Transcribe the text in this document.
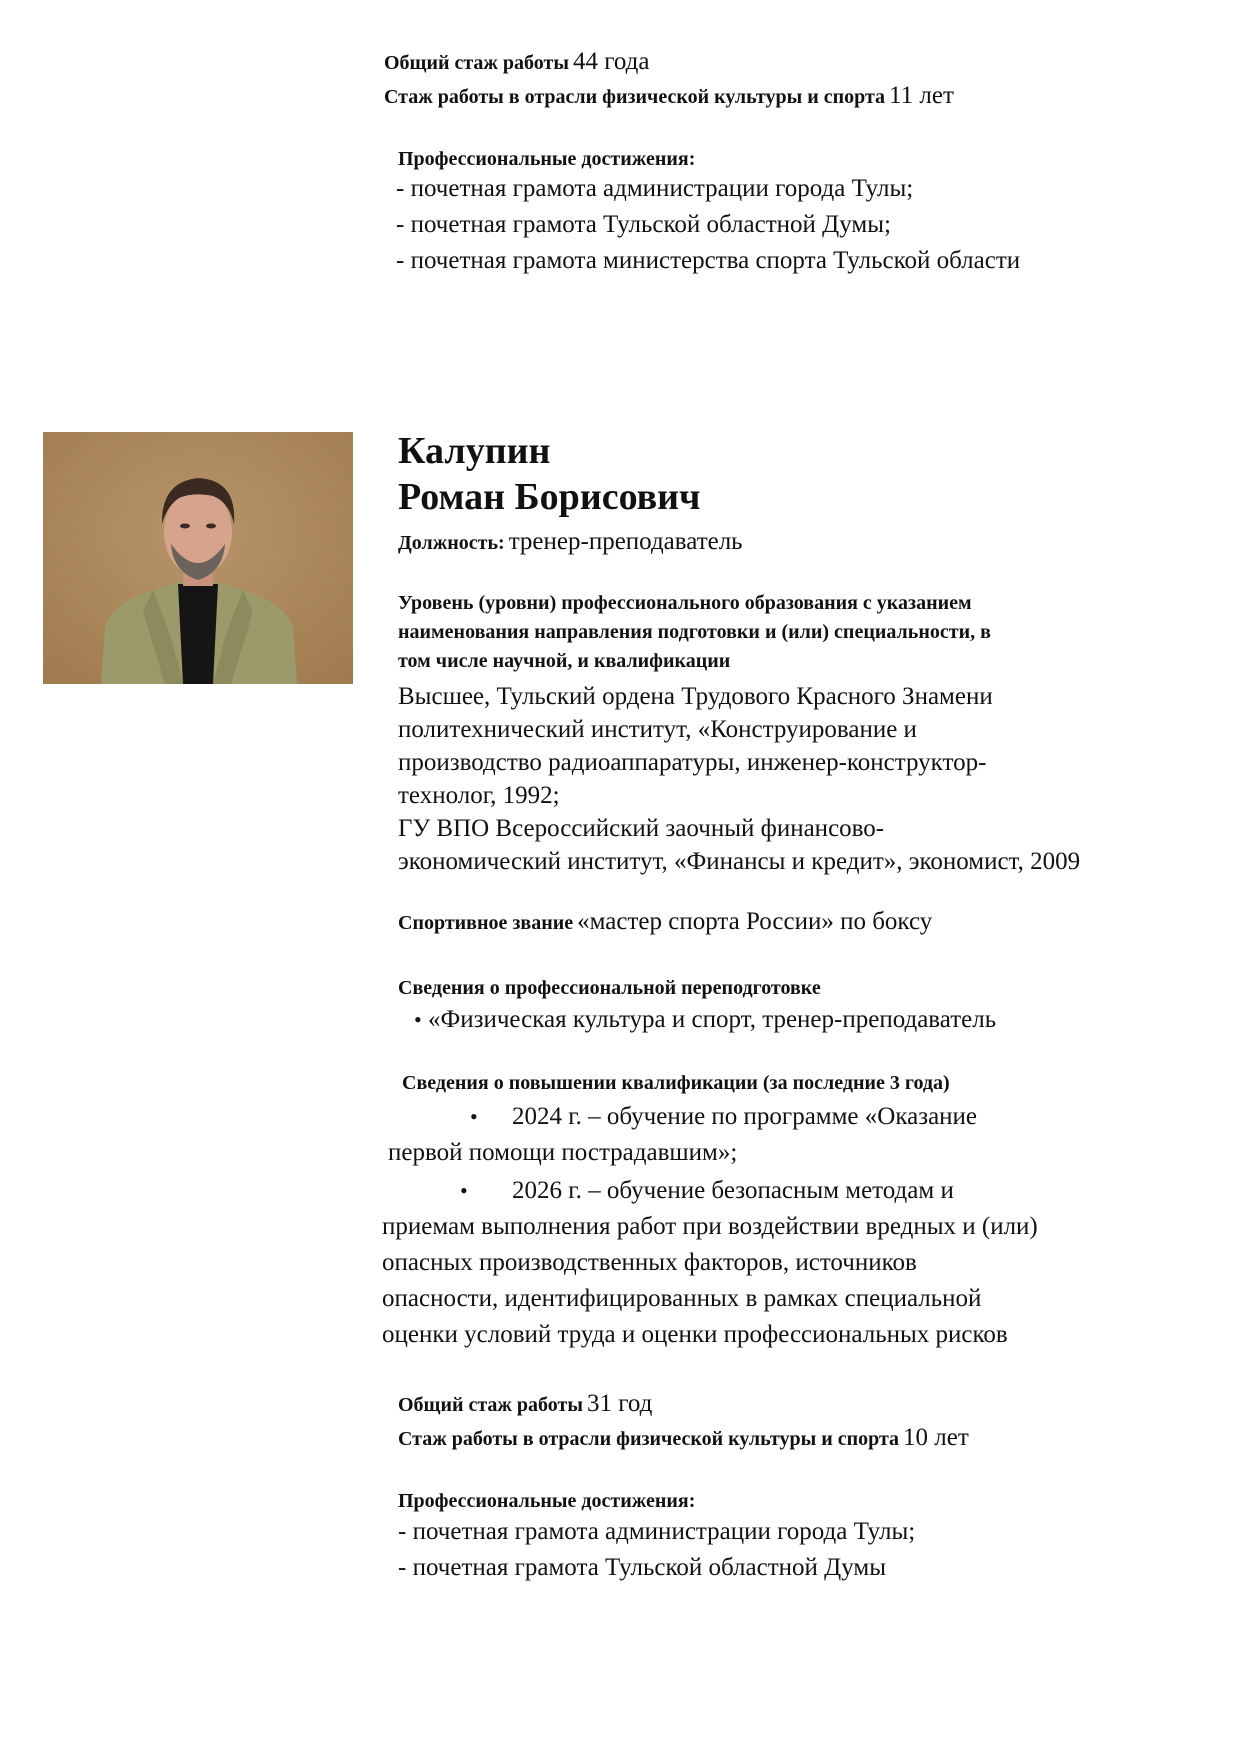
Общий стаж работы 44 года
Стаж работы в отрасли физической культуры и спорта 11 лет
Профессиональные достижения:
- почетная грамота администрации города Тулы;
- почетная грамота Тульской областной Думы;
- почетная грамота министерства спорта Тульской области
Калупин
Роман Борисович
Должность: тренер-преподаватель
Уровень (уровни) профессионального образования с указанием
наименования направления подготовки и (или) специальности, в
том числе научной, и квалификации
Высшее, Тульский ордена Трудового Красного Знамени
политехнический институт, «Конструирование и
производство радиоаппаратуры, инженер-конструктор-
технолог, 1992;
ГУ ВПО Всероссийский заочный финансово-
экономический институт, «Финансы и кредит», экономист, 2009
Спортивное звание «мастер спорта России» по боксу
Сведения о профессиональной переподготовке
• «Физическая культура и спорт, тренер-преподаватель
Сведения о повышении квалификации (за последние 3 года)
• 2024 г. – обучение по программе «Оказание
первой помощи пострадавшим»;
• 2026 г. – обучение безопасным методам и
приемам выполнения работ при воздействии вредных и (или)
опасных производственных факторов, источников
опасности, идентифицированных в рамках специальной
оценки условий труда и оценки профессиональных рисков
Общий стаж работы 31 год
Стаж работы в отрасли физической культуры и спорта 10 лет
Профессиональные достижения:
- почетная грамота администрации города Тулы;
- почетная грамота Тульской областной Думы
